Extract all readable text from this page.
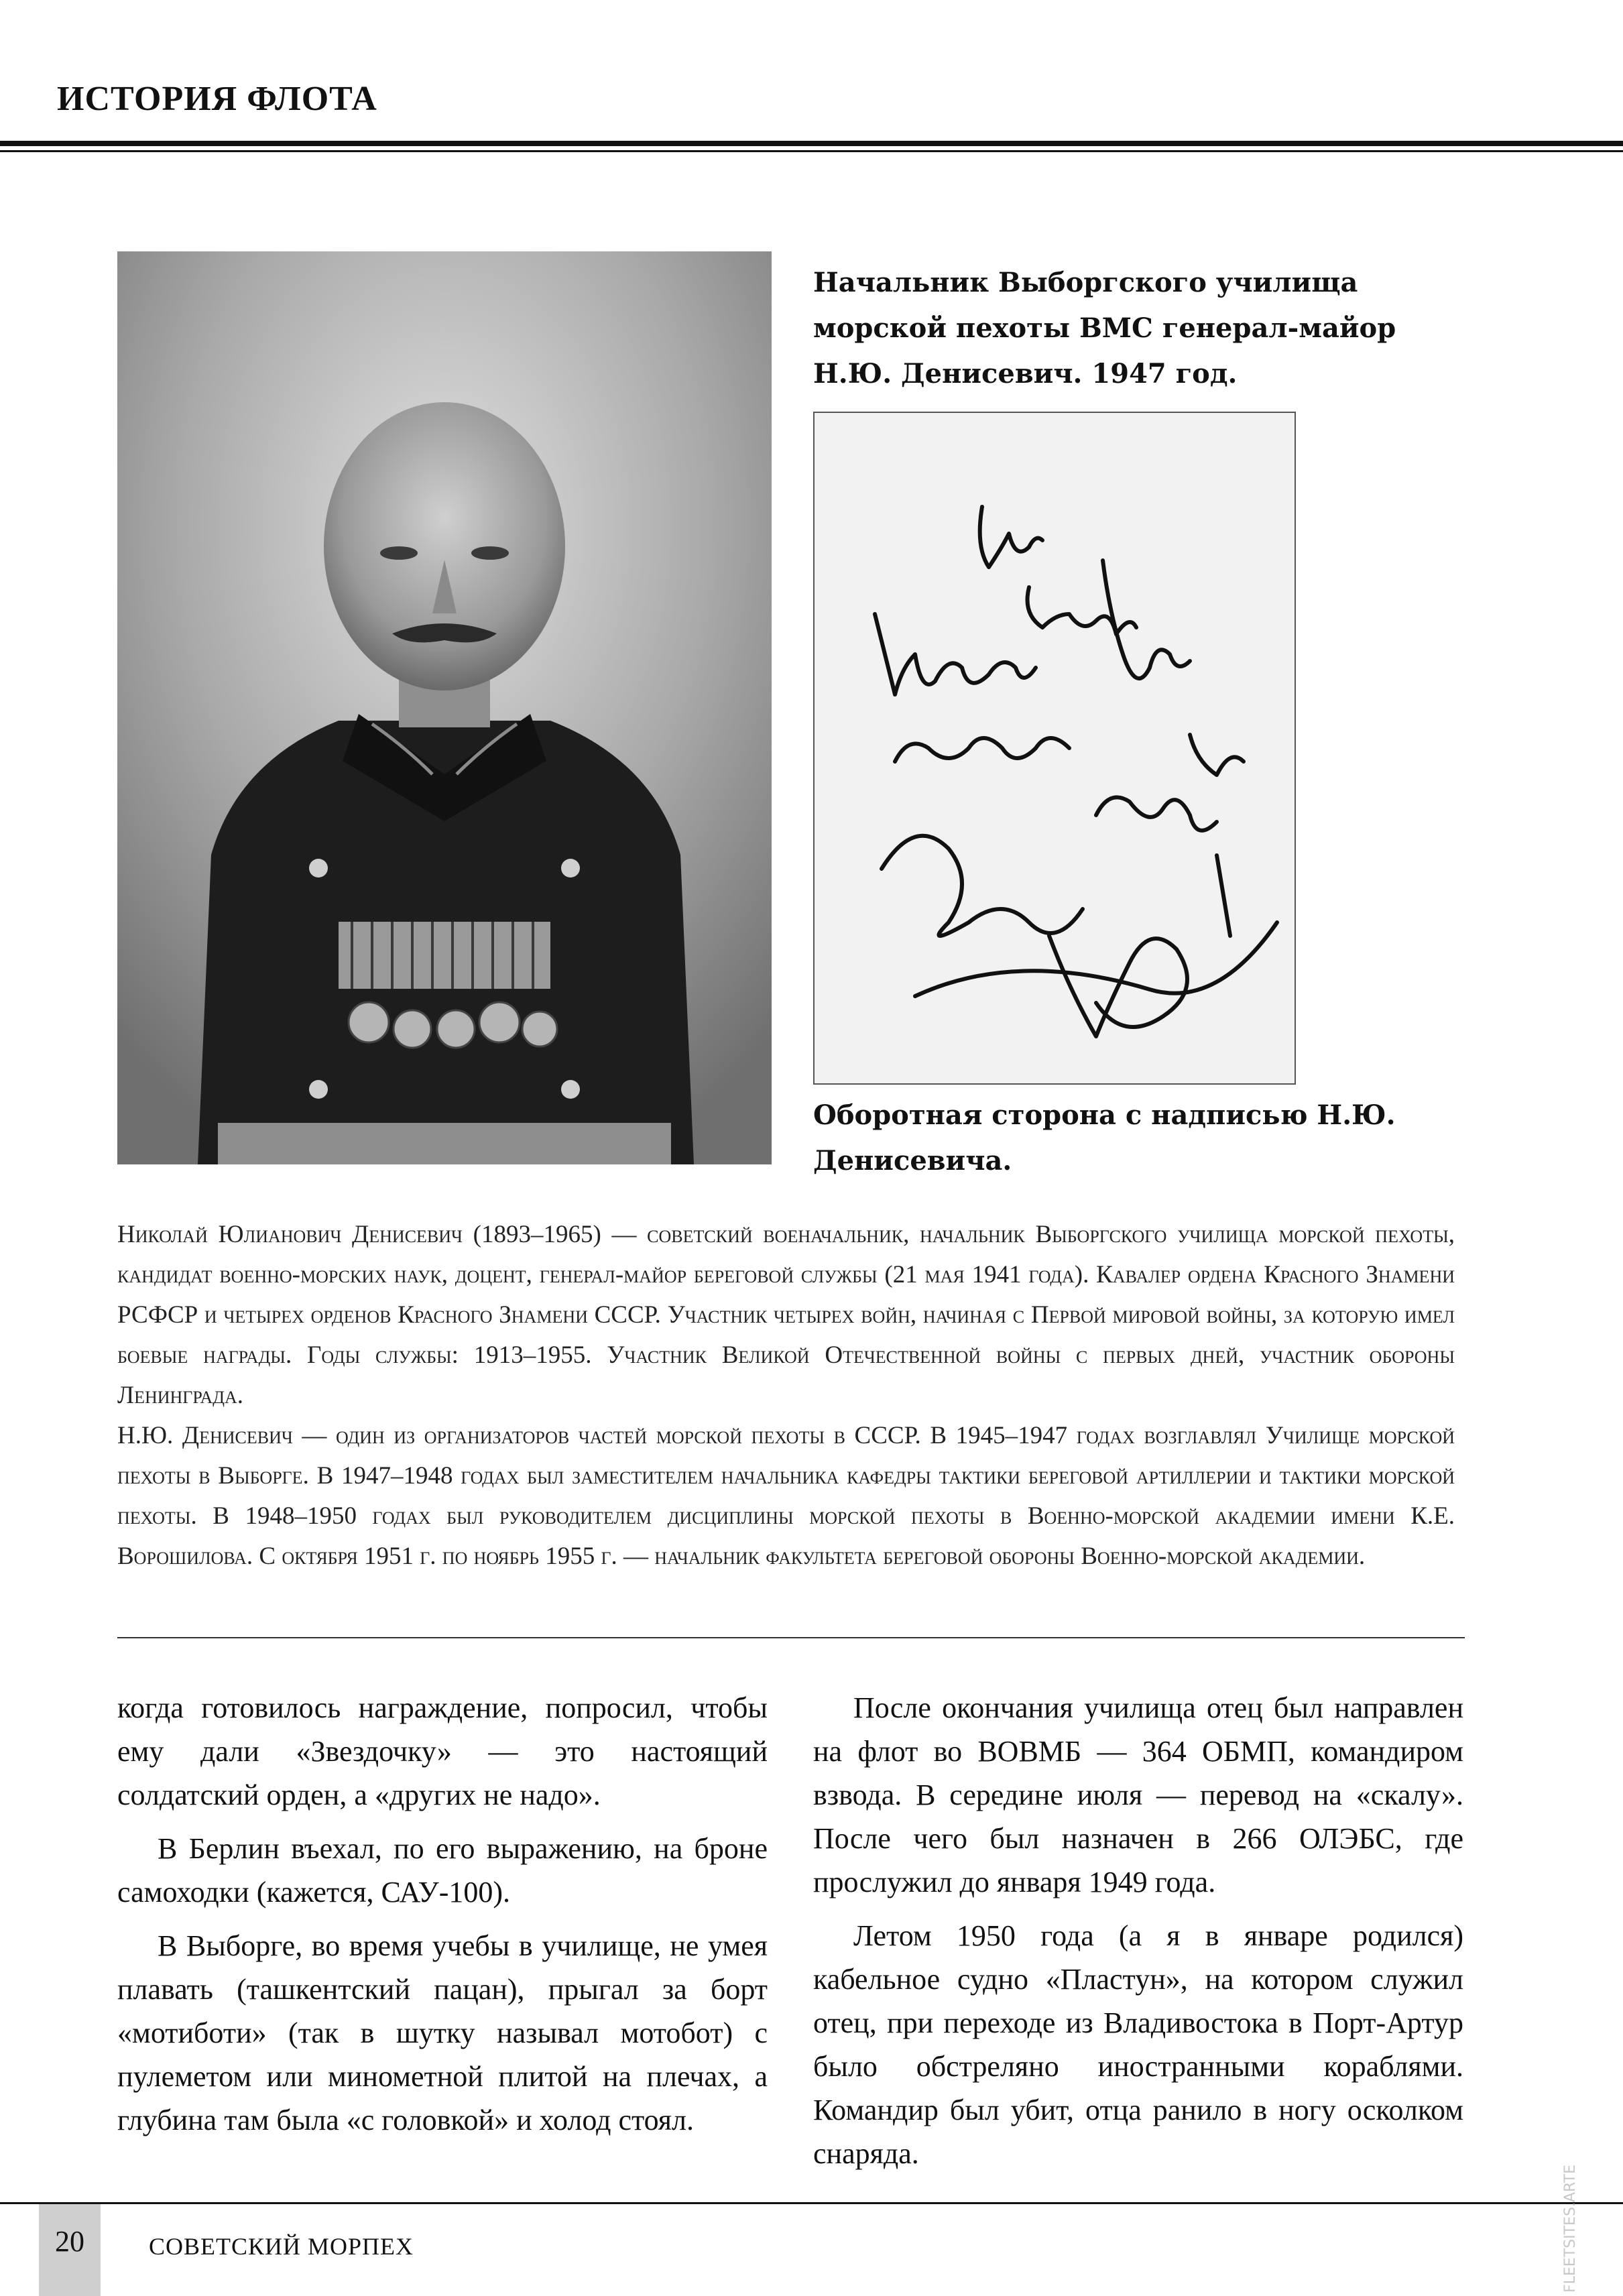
ИСТОРИЯ ФЛОТА
Начальник Выборгского училища морской пехоты ВМС генерал-майор Н.Ю. Денисевич. 1947 год.
Оборотная сторона с надписью Н.Ю. Денисевича.

Николай Юлианович Денисевич (1893–1965) — советский военачальник, начальник Выборгского училища морской пехоты, кандидат военно-морских наук, доцент, генерал-майор береговой службы (21 мая 1941 года). Кавалер ордена Красного Знамени РСФСР и четырех орденов Красного Знамени СССР. Участник четырех войн, начиная с Первой мировой войны, за которую имел боевые награды. Годы службы: 1913–1955. Участник Великой Отечественной войны с первых дней, участник обороны Ленинграда.

Н.Ю. Денисевич — один из организаторов частей морской пехоты в СССР. В 1945–1947 годах возглавлял Училище морской пехоты в Выборге. В 1947–1948 годах был заместителем начальника кафедры тактики береговой артиллерии и тактики морской пехоты. В 1948–1950 годах был руководителем дисциплины морской пехоты в Военно-морской академии имени К.Е. Ворошилова. С октября 1951 г. по ноябрь 1955 г. — начальник факультета береговой обороны Военно-морской академии.

когда готовилось награждение, попросил, чтобы ему дали «Звездочку» — это настоящий солдатский орден, а «других не надо».

В Берлин въехал, по его выражению, на броне самоходки (кажется, САУ-100).

В Выборге, во время учебы в училище, не умея плавать (ташкентский пацан), прыгал за борт «мотиботи» (так в шутку называл мотобот) с пулеметом или минометной плитой на плечах, а глубина там была «с головкой» и холод стоял.

После окончания училища отец был направлен на флот во ВОВМБ — 364 ОБМП, командиром взвода. В середине июля — перевод на «скалу». После чего был назначен в 266 ОЛЭБС, где прослужил до января 1949 года.

Летом 1950 года (а я в январе родился) кабельное судно «Пластун», на котором служил отец, при переходе из Владивостока в Порт-Артур было обстреляно иностранными кораблями. Командир был убит, отца ранило в ногу осколком снаряда.

20	СОВЕТСКИЙ МОРПЕХ	FLEETSITES.ARTE
